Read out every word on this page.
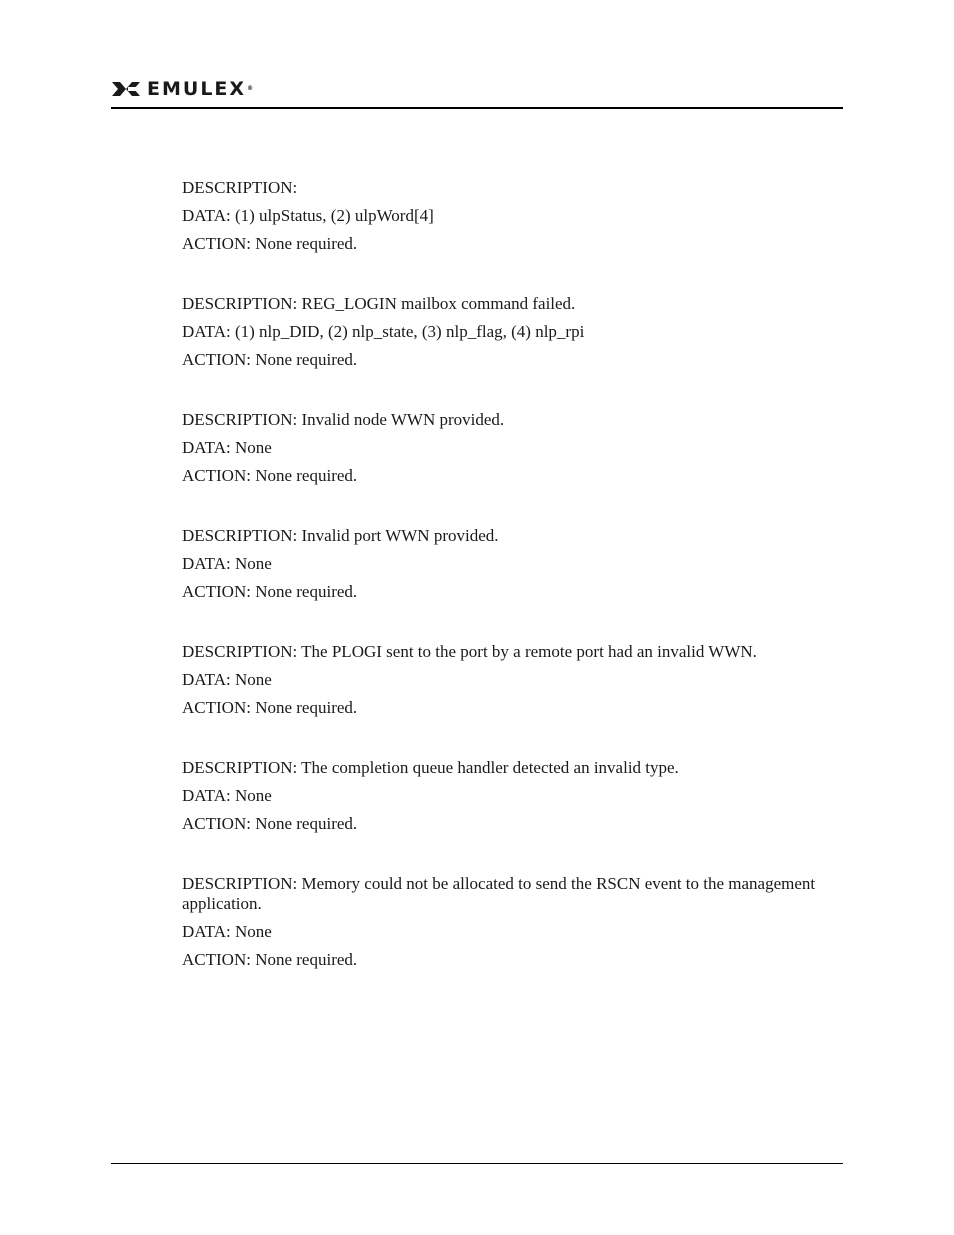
EMULEX®

DESCRIPTION:

DATA: (1) ulpStatus, (2) ulpWord[4]

ACTION: None required.

DESCRIPTION: REG_LOGIN mailbox command failed.

DATA: (1) nlp_DID, (2) nlp_state, (3) nlp_flag, (4) nlp_rpi

ACTION: None required.

DESCRIPTION: Invalid node WWN provided.

DATA: None

ACTION: None required.

DESCRIPTION: Invalid port WWN provided.

DATA: None

ACTION: None required.

DESCRIPTION: The PLOGI sent to the port by a remote port had an invalid WWN.

DATA: None

ACTION: None required.

DESCRIPTION: The completion queue handler detected an invalid type.

DATA: None

ACTION: None required.

DESCRIPTION: Memory could not be allocated to send the RSCN event to the management application.

DATA: None

ACTION: None required.
